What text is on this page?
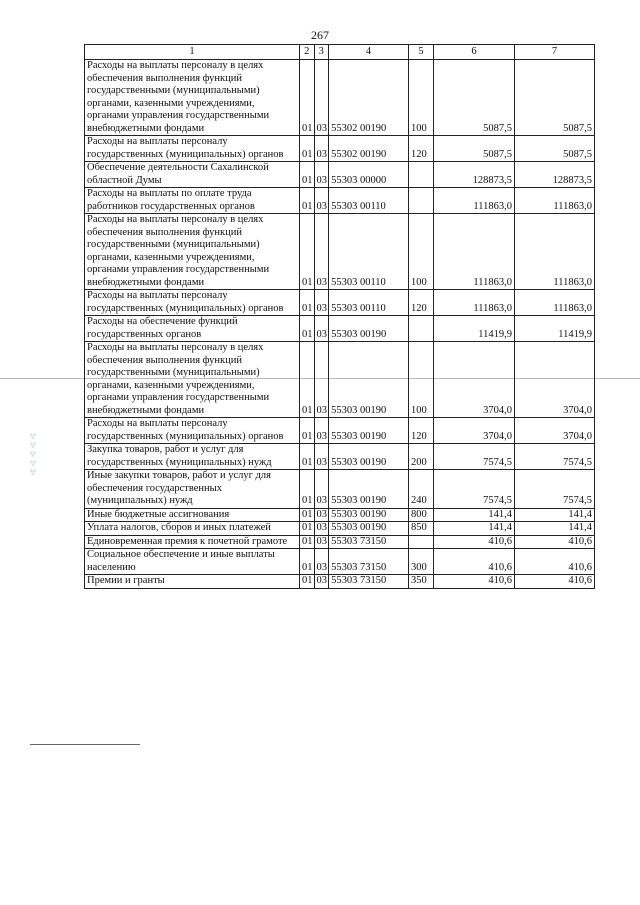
267
⁂⁂⁂⁂⁂
1	2	3	4	5	6	7
Расходы на выплаты персоналу в целях обеспечения выполнения функций государственными (муниципальными) органами, казенными учреждениями, органами управления государственными внебюджетными фондами	01	03	55302 00190	100	5087,5	5087,5
Расходы на выплаты персоналу государственных (муниципальных) органов	01	03	55302 00190	120	5087,5	5087,5
Обеспечение деятельности Сахалинской областной Думы	01	03	55303 00000		128873,5	128873,5
Расходы на выплаты по оплате труда работников государственных органов	01	03	55303 00110		111863,0	111863,0
Расходы на выплаты персоналу в целях обеспечения выполнения функций государственными (муниципальными) органами, казенными учреждениями, органами управления государственными внебюджетными фондами	01	03	55303 00110	100	111863,0	111863,0
Расходы на выплаты персоналу государственных (муниципальных) органов	01	03	55303 00110	120	111863,0	111863,0
Расходы на обеспечение функций государственных органов	01	03	55303 00190		11419,9	11419,9
Расходы на выплаты персоналу в целях обеспечения выполнения функций государственными (муниципальными) органами, казенными учреждениями, органами управления государственными внебюджетными фондами	01	03	55303 00190	100	3704,0	3704,0
Расходы на выплаты персоналу государственных (муниципальных) органов	01	03	55303 00190	120	3704,0	3704,0
Закупка товаров, работ и услуг для государственных (муниципальных) нужд	01	03	55303 00190	200	7574,5	7574,5
Иные закупки товаров, работ и услуг для обеспечения государственных (муниципальных) нужд	01	03	55303 00190	240	7574,5	7574,5
Иные бюджетные ассигнования	01	03	55303 00190	800	141,4	141,4
Уплата налогов, сборов и иных платежей	01	03	55303 00190	850	141,4	141,4
Единовременная премия к почетной грамоте	01	03	55303 73150		410,6	410,6
Социальное обеспечение и иные выплаты населению	01	03	55303 73150	300	410,6	410,6
Премии и гранты	01	03	55303 73150	350	410,6	410,6
